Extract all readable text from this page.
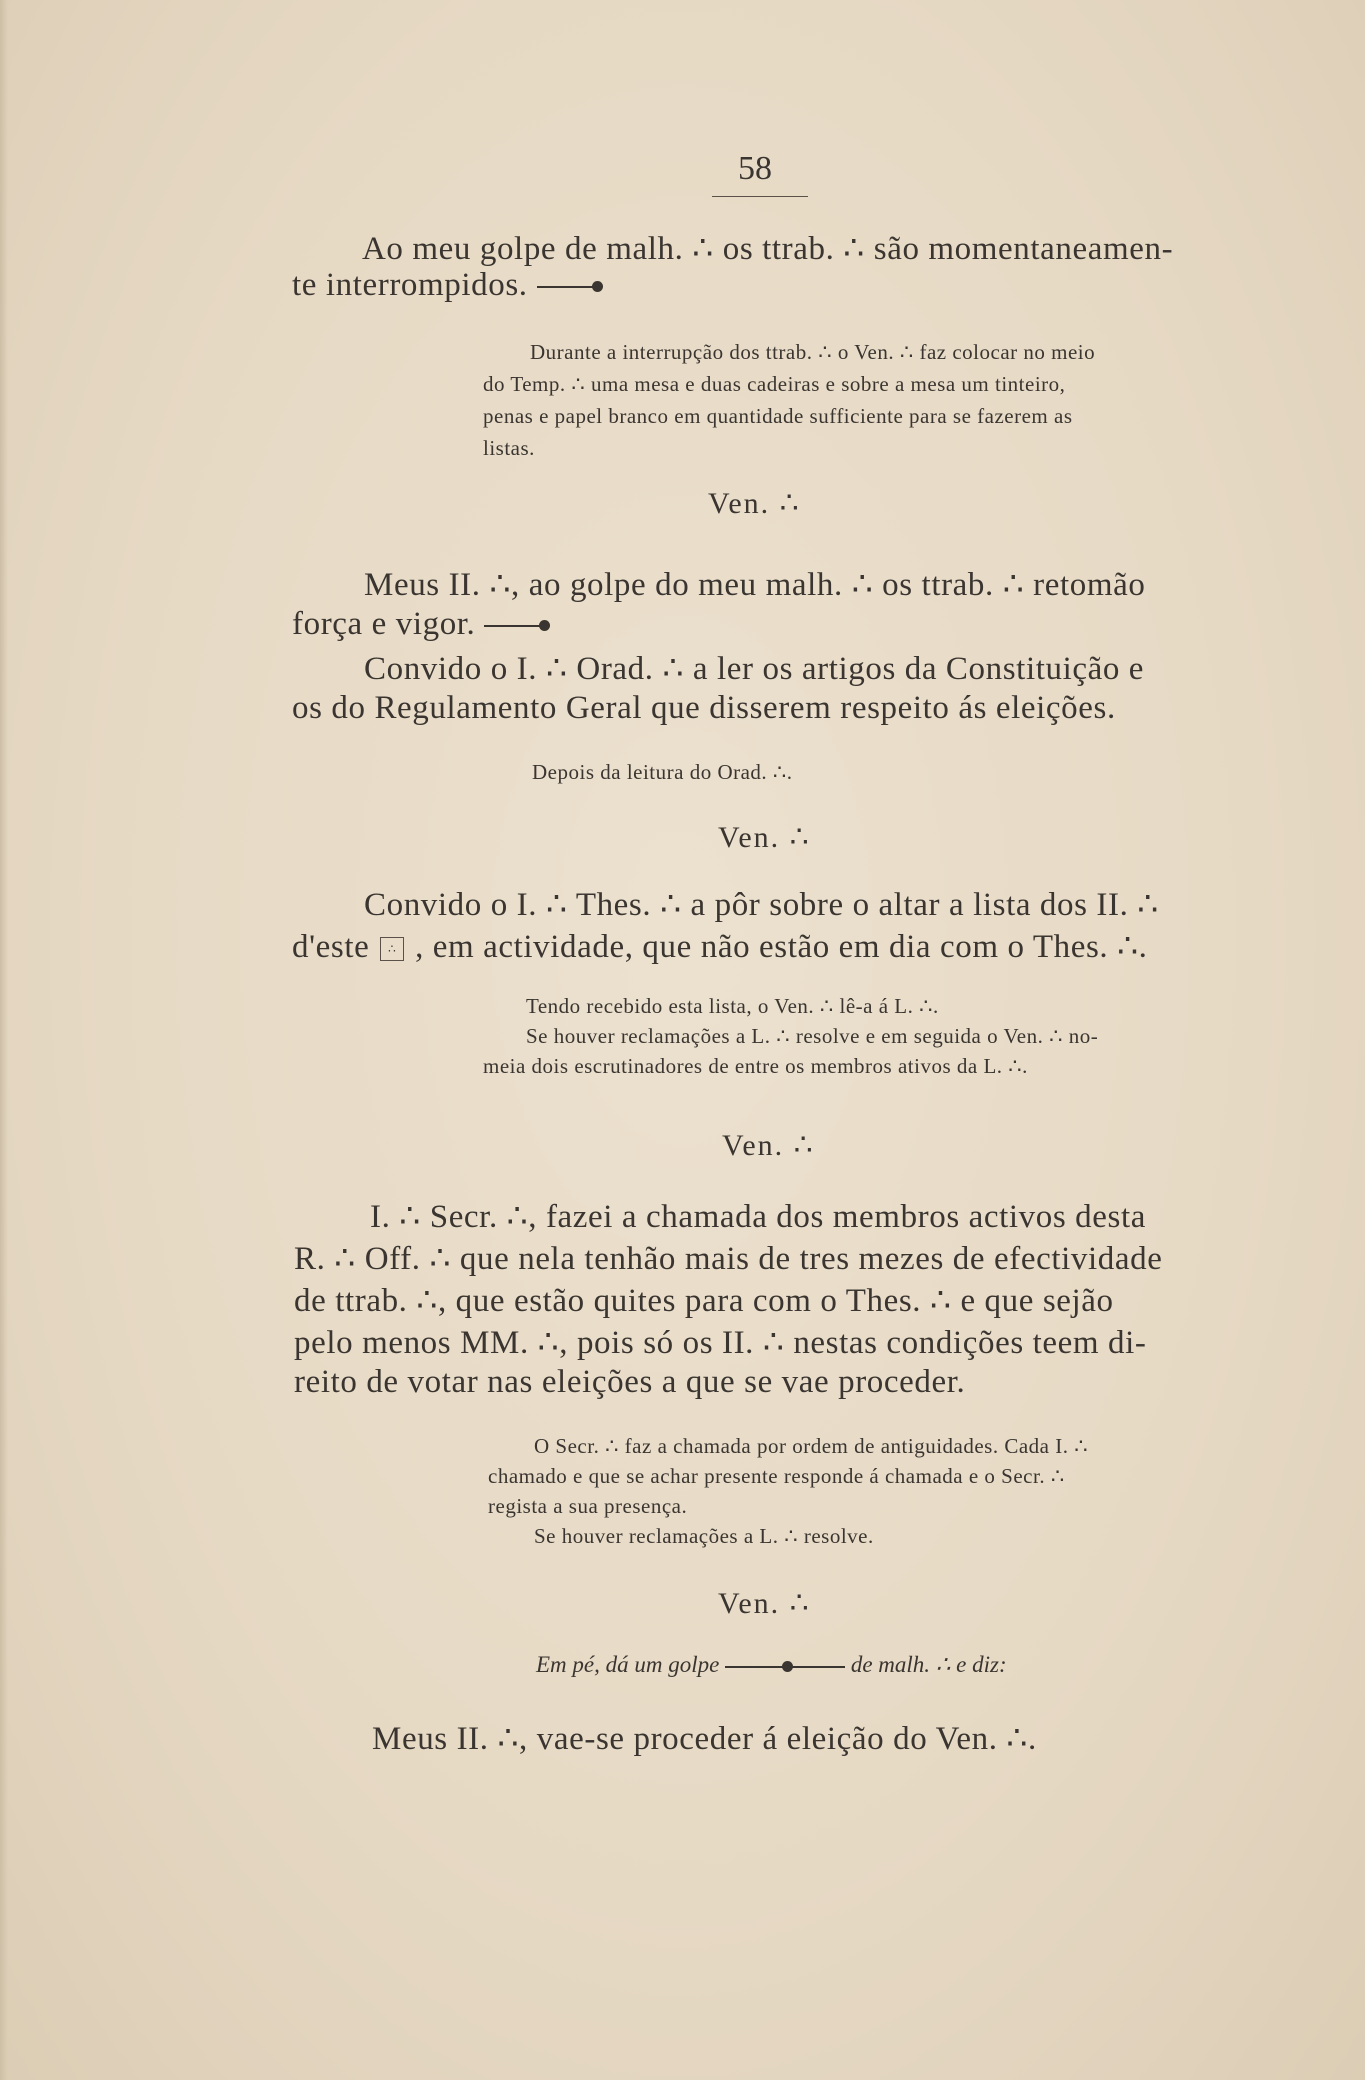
58
Ao meu golpe de malh. ∴ os ttrab. ∴ são momentaneamen-
te interrompidos.
Durante a interrupção dos ttrab. ∴ o Ven. ∴ faz colocar no meio
do Temp. ∴ uma mesa e duas cadeiras e sobre a mesa um tinteiro,
penas e papel branco em quantidade sufficiente para se fazerem as
listas.
Ven. ∴
Meus II. ∴, ao golpe do meu malh. ∴ os ttrab. ∴ retomão
força e vigor.
Convido o I. ∴ Orad. ∴ a ler os artigos da Constituição e
os do Regulamento Geral que disserem respeito ás eleições.
Depois da leitura do Orad. ∴.
Ven. ∴
Convido o I. ∴ Thes. ∴ a pôr sobre o altar a lista dos II. ∴
d'este ∴ , em actividade, que não estão em dia com o Thes. ∴.
Tendo recebido esta lista, o Ven. ∴ lê-a á L. ∴.
Se houver reclamações a L. ∴ resolve e em seguida o Ven. ∴ no-
meia dois escrutinadores de entre os membros ativos da L. ∴.
Ven. ∴
I. ∴ Secr. ∴, fazei a chamada dos membros activos desta
R. ∴ Off. ∴ que nela tenhão mais de tres mezes de efectividade
de ttrab. ∴, que estão quites para com o Thes. ∴ e que sejão
pelo menos MM. ∴, pois só os II. ∴ nestas condições teem di-
reito de votar nas eleições a que se vae proceder.
O Secr. ∴ faz a chamada por ordem de antiguidades. Cada I. ∴
chamado e que se achar presente responde á chamada e o Secr. ∴
regista a sua presença.
Se houver reclamações a L. ∴ resolve.
Ven. ∴
Em pé, dá um golpe	de malh. ∴ e diz:
Meus II. ∴, vae-se proceder á eleição do Ven. ∴.
